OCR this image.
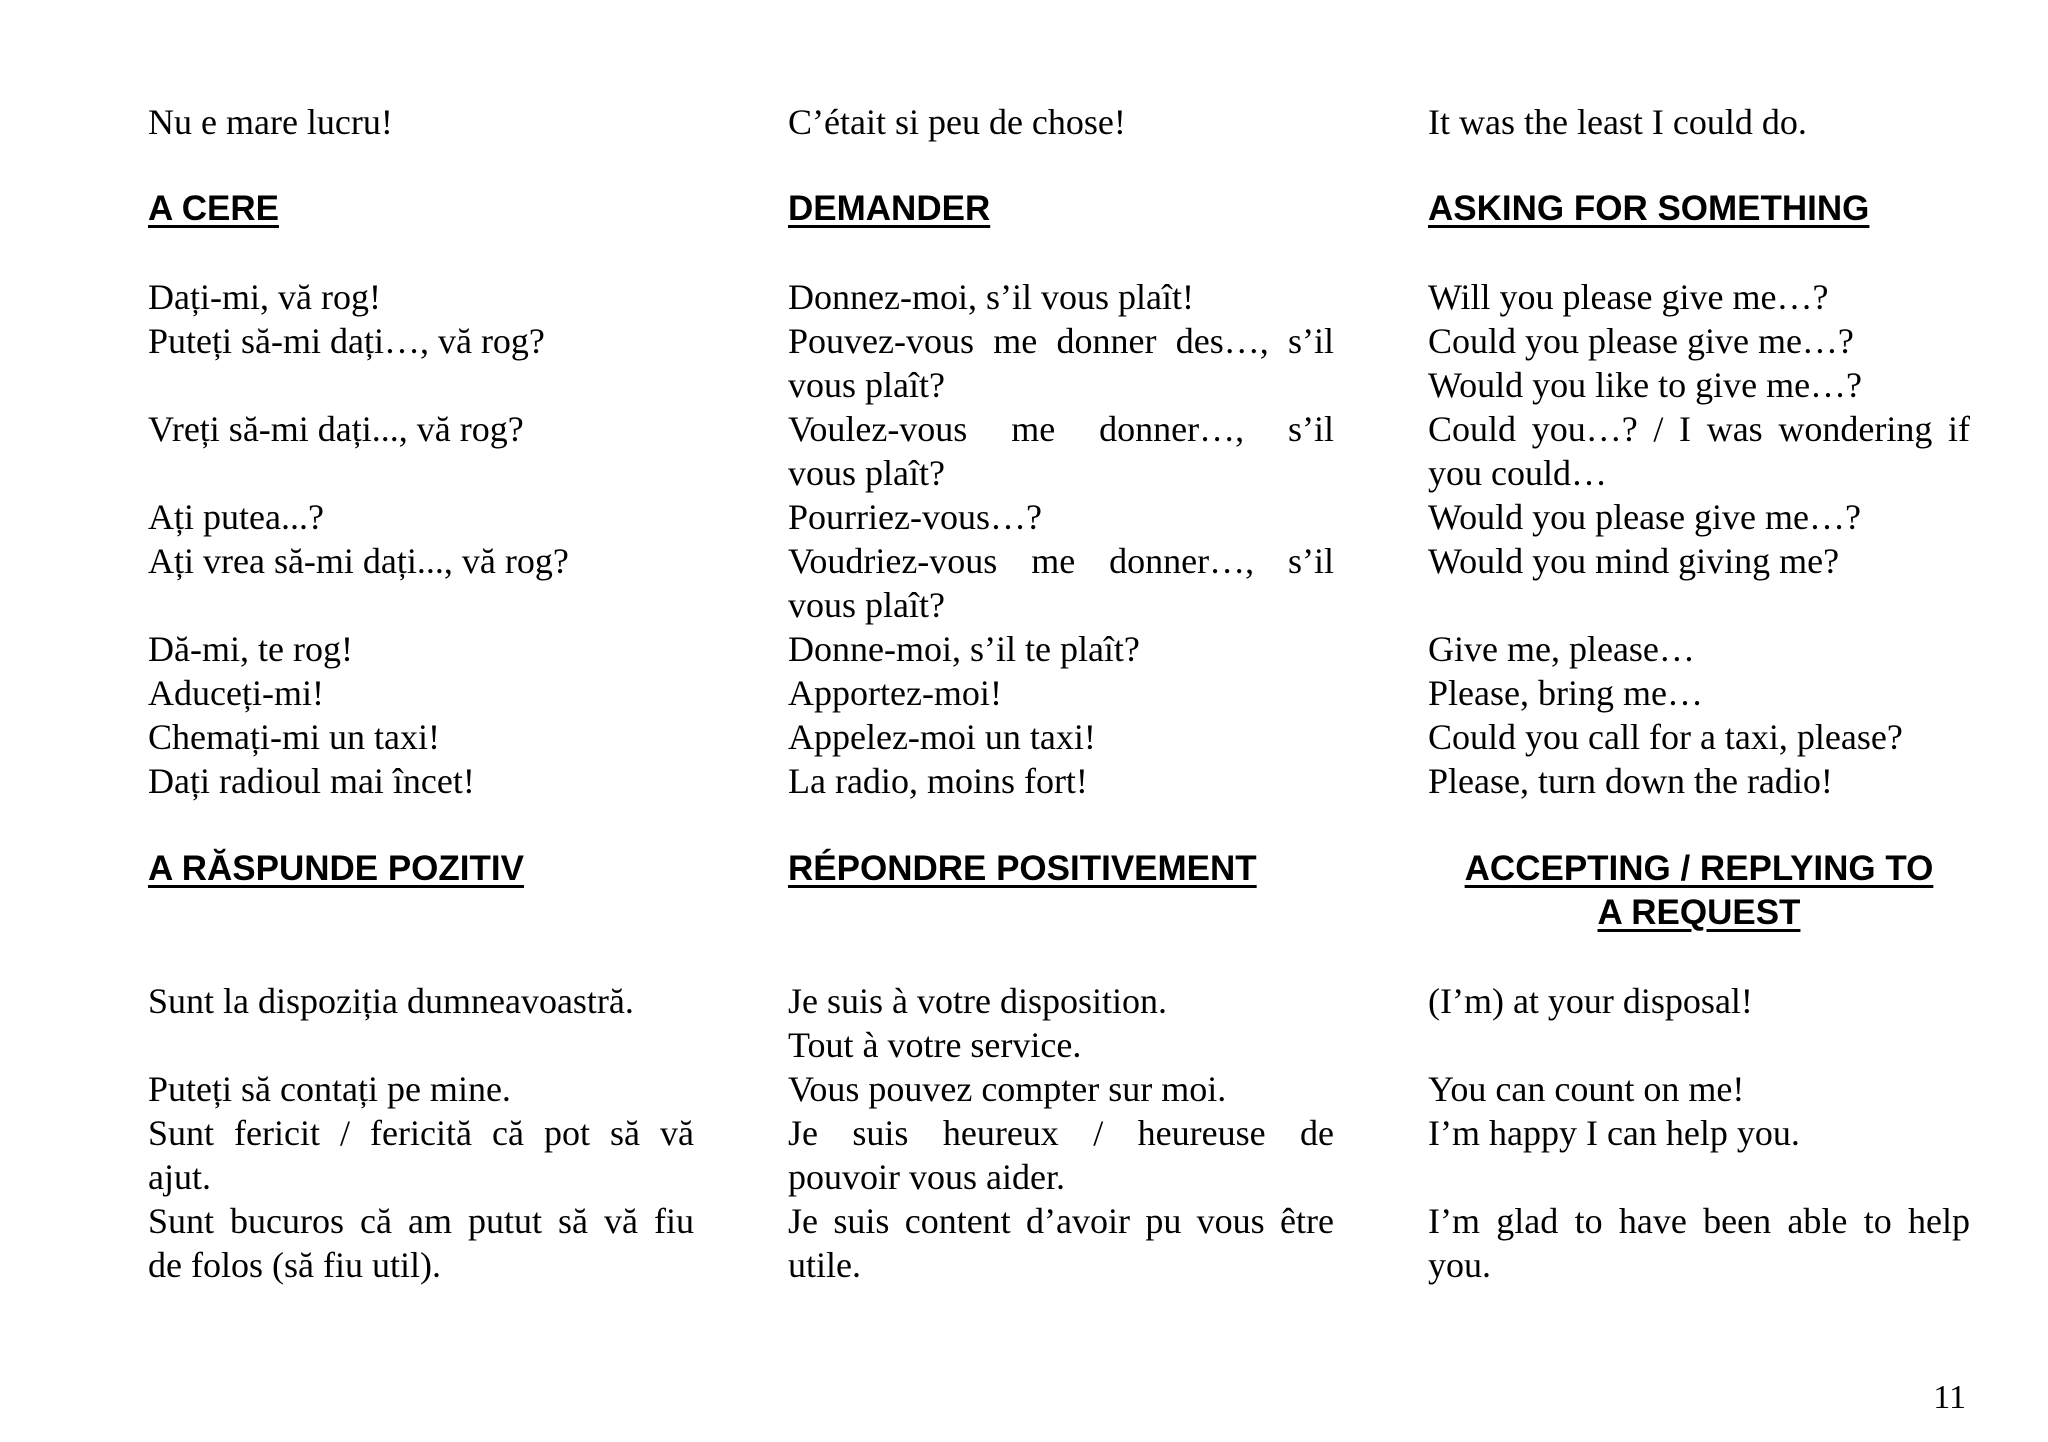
Nu e mare lucru!
A CERE
Dați-mi, vă rog!
Puteți să-mi dați…, vă rog?
Vreți să-mi dați..., vă rog?
Ați putea...?
Ați vrea să-mi dați..., vă rog?
Dă-mi, te rog!
Aduceți-mi!
Chemați-mi un taxi!
Dați radioul mai încet!
A RĂSPUNDE POZITIV
Sunt la dispoziția dumneavoastră.
Puteți să contați pe mine.
Sunt fericit / fericită că pot să vă
ajut.
Sunt bucuros că am putut să vă fiu
de folos (să fiu util).
C’était si peu de chose!
DEMANDER
Donnez-moi, s’il vous plaît!
Pouvez-vous me donner des…, s’il
vous plaît?
Voulez-vous me donner…, s’il
vous plaît?
Pourriez-vous…?
Voudriez-vous me donner…, s’il
vous plaît?
Donne-moi, s’il te plaît?
Apportez-moi!
Appelez-moi un taxi!
La radio, moins fort!
RÉPONDRE POSITIVEMENT
Je suis à votre disposition.
Tout à votre service.
Vous pouvez compter sur moi.
Je suis heureux / heureuse de
pouvoir vous aider.
Je suis content d’avoir pu vous être
utile.
It was the least I could do.
ASKING FOR SOMETHING
Will you please give me…?
Could you please give me…?
Would you like to give me…?
Could you…? / I was wondering if
you could…
Would you please give me…?
Would you mind giving me?
Give me, please…
Please, bring me…
Could you call for a taxi, please?
Please, turn down the radio!
ACCEPTING / REPLYING TO
A REQUEST
(I’m) at your disposal!
You can count on me!
I’m happy I can help you.
I’m glad to have been able to help
you.
11
